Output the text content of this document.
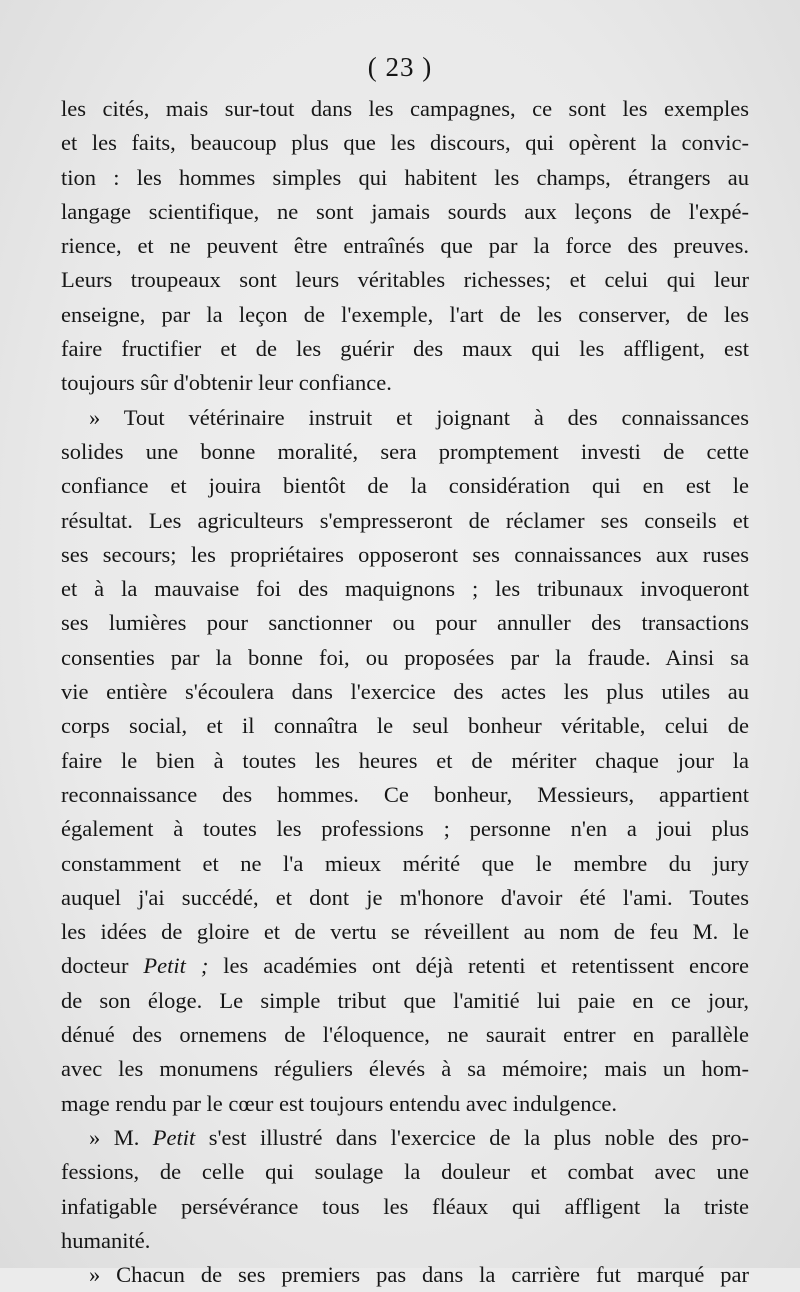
( 23 )
les cités, mais sur-tout dans les campagnes, ce sont les exemples
et les faits, beaucoup plus que les discours, qui opèrent la convic-
tion : les hommes simples qui habitent les champs, étrangers au
langage scientifique, ne sont jamais sourds aux leçons de l'expé-
rience, et ne peuvent être entraînés que par la force des preuves.
Leurs troupeaux sont leurs véritables richesses; et celui qui leur
enseigne, par la leçon de l'exemple, l'art de les conserver, de les
faire fructifier et de les guérir des maux qui les affligent, est
toujours sûr d'obtenir leur confiance.
» Tout vétérinaire instruit et joignant à des connaissances
solides une bonne moralité, sera promptement investi de cette
confiance et jouira bientôt de la considération qui en est le
résultat. Les agriculteurs s'empresseront de réclamer ses conseils et
ses secours; les propriétaires opposeront ses connaissances aux ruses
et à la mauvaise foi des maquignons ; les tribunaux invoqueront
ses lumières pour sanctionner ou pour annuller des transactions
consenties par la bonne foi, ou proposées par la fraude. Ainsi sa
vie entière s'écoulera dans l'exercice des actes les plus utiles au
corps social, et il connaîtra le seul bonheur véritable, celui de
faire le bien à toutes les heures et de mériter chaque jour la
reconnaissance des hommes. Ce bonheur, Messieurs, appartient
également à toutes les professions ; personne n'en a joui plus
constamment et ne l'a mieux mérité que le membre du jury
auquel j'ai succédé, et dont je m'honore d'avoir été l'ami. Toutes
les idées de gloire et de vertu se réveillent au nom de feu M. le
docteur Petit ; les académies ont déjà retenti et retentissent encore
de son éloge. Le simple tribut que l'amitié lui paie en ce jour,
dénué des ornemens de l'éloquence, ne saurait entrer en parallèle
avec les monumens réguliers élevés à sa mémoire; mais un hom-
mage rendu par le cœur est toujours entendu avec indulgence.
» M. Petit s'est illustré dans l'exercice de la plus noble des pro-
fessions, de celle qui soulage la douleur et combat avec une
infatigable persévérance tous les fléaux qui affligent la triste
humanité.
» Chacun de ses premiers pas dans la carrière fut marqué par
